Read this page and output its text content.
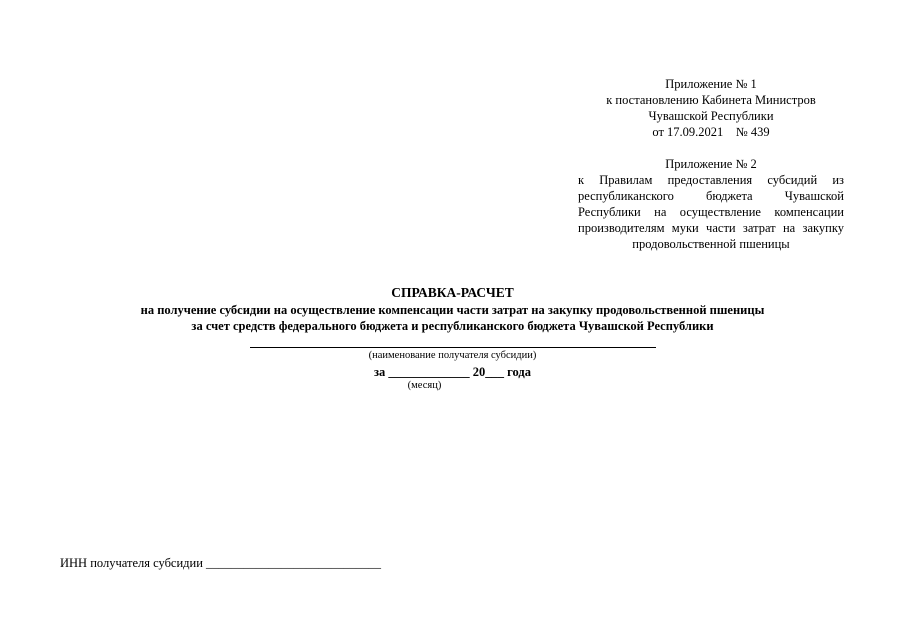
Приложение № 1
к постановлению Кабинета Министров
Чувашской Республики
от 17.09.2021    № 439
Приложение № 2
к Правилам предоставления субсидий из республиканского бюджета Чувашской Республики на осуществление компенсации производителям муки части затрат на закупку продовольственной пшеницы
СПРАВКА-РАСЧЕТ
на получение субсидии на осуществление компенсации части затрат на закупку продовольственной пшеницы
за счет средств федерального бюджета и республиканского бюджета Чувашской Республики
(наименование получателя субсидии)
за _____________ 20___ года
(месяц)
ИНН получателя субсидии ____________________________
